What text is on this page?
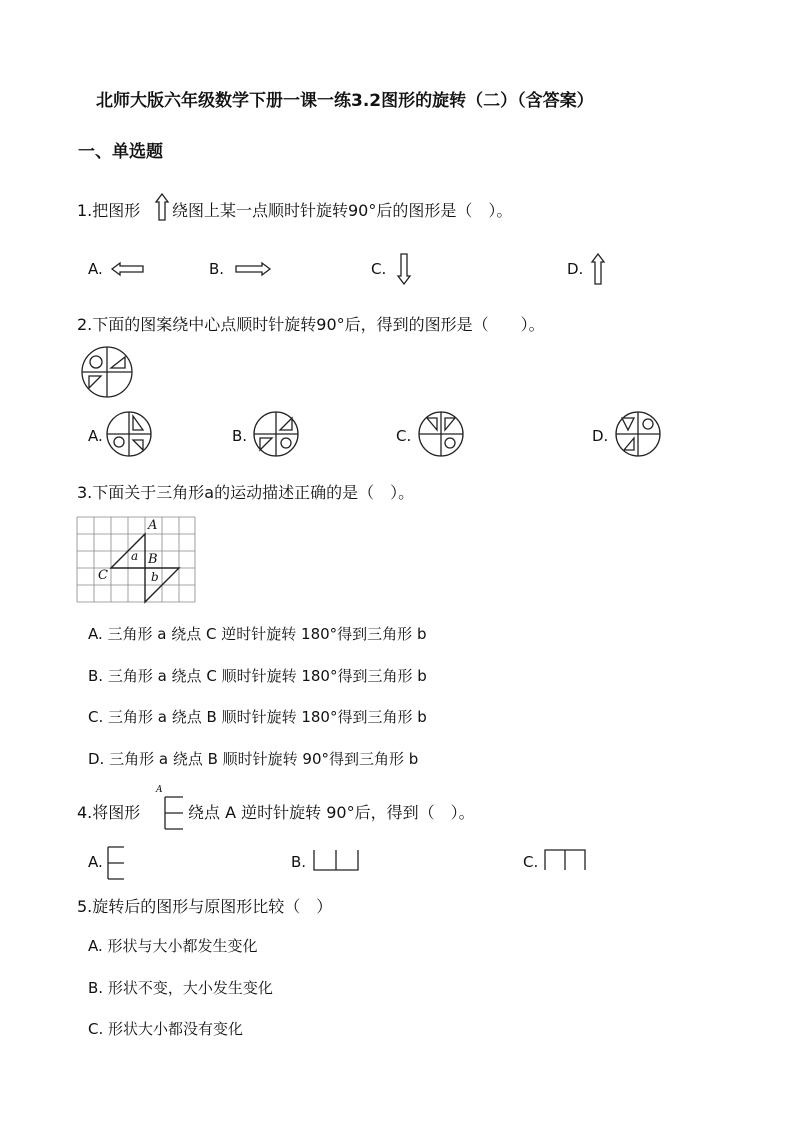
北师大版六年级数学下册一课一练3.2图形的旋转（二）（含答案）
一、单选题
1.把图形 绕图上某一点顺时针旋转90°后的图形是（　）。
A.	B.	C.	D.
2.下面的图案绕中心点顺时针旋转90°后，得到的图形是（　　）。
A.	B.	C.	D.
3.下面关于三角形a的运动描述正确的是（　）。
A
a B
C	b
A. 三角形 a 绕点 C 逆时针旋转 180°得到三角形 b
B. 三角形 a 绕点 C 顺时针旋转 180°得到三角形 b
C. 三角形 a 绕点 B 顺时针旋转 180°得到三角形 b
D. 三角形 a 绕点 B 顺时针旋转 90°得到三角形 b
4.将图形
A
绕点 A 逆时针旋转 90°后，得到（　）。
A.	B.	C.
5.旋转后的图形与原图形比较（　）
A. 形状与大小都发生变化
B. 形状不变，大小发生变化
C. 形状大小都没有变化
